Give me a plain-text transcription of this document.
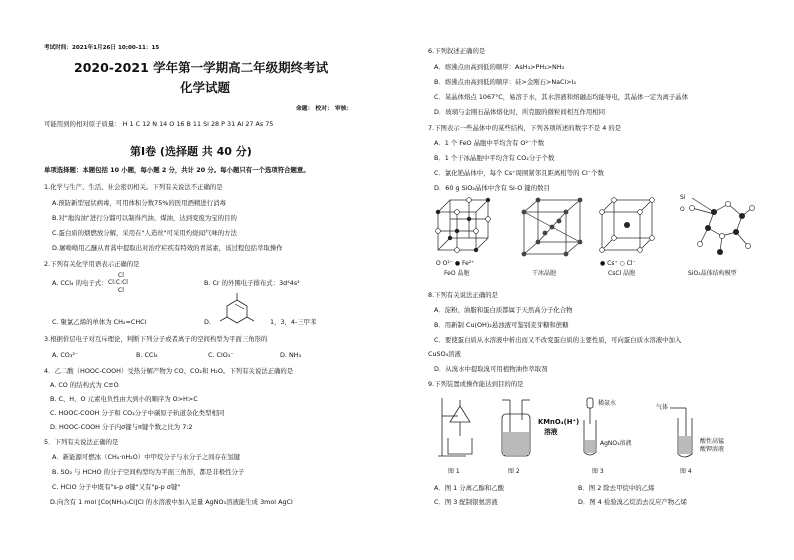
考试时间：2021年1月26日 10:00-11：15
2020-2021 学年第一学期高二年级期终考试
化学试题
命题： 校对： 审核：
可能用到的相对原子质量： H 1 C 12 N 14 O 16 B 11 Si 28 P 31 Al 27 As 75
第Ⅰ卷 (选择题 共 40 分)
单项选择题：本题包括 10 小题，每小题 2 分，共计 20 分。每小题只有一个选项符合题意。
1.化学与生产、生活、社会密切相关。下列有关说法不正确的是
A.预防新型冠状病毒，可用体积分数75%的医用酒精进行消毒
B.对"地沟油"进行分馏可以制得汽油、煤油，达到变废为宝的目的
C.蛋白质的烟燃放分解，采用在"人造丝"可采用灼烧闻气味的方法
D.屠呦呦用乙醚从青蒿中提取出对治疗疟疾有特效的青蒿素，该过程包括萃取操作
2.下列有关化学用语表示正确的是
A. CCl₄ 的电子式：
Cl
Cl:C:Cl
Cl
B. Cr 的外围电子排布式：3d⁴4s²
C. 聚氯乙烯的单体为 CH₂=CHCl	D.	1，3，4-三甲苯
3.根据价层电子对互斥理论，判断下列分子或者离子的空间构型为平面三角形的
A. CO₃²⁻	B. CCl₄	C. ClO₃⁻	D. NH₃
4．乙二酸（HOOC-COOH）受热分解产物为 CO、CO₂和 H₂O。下列有关说法正确的是
A. CO 的结构式为 C≡O
B. C、H、O 元素电负性由大到小的顺序为 O>H>C
C. HOOC-COOH 分子和 CO₂分子中碳原子轨道杂化类型相同
D. HOOC-COOH 分子内σ键与π键个数之比为 7:2
5．下列有关说法正确的是
A．新能源可燃冰（CH₄·nH₂O）中甲烷分子与水分子之间存在氢键
B. SO₂ 与 HCHO 的分子空间构型均为平面三角形，都是非极性分子
C. HClO 分子中既有"s-p σ键"又有"p-p σ键"
D.向含有 1 mol [Co(NH₃)₅Cl]Cl 的水溶液中加入足量 AgNO₃溶液能生成 3mol AgCl
6.下列叙述正确的是
A．熔沸点由高到低的顺序：AsH₃>PH₃>NH₃
B．熔沸点由高到低的顺序：硅>金刚石>NaCl>I₂
C．某晶体熔点 1067°C，易溶于水，其水溶液和熔融态均能导电，其晶体一定为离子晶体
D．玻璃与金刚石晶体熔化时，所克服的微粒间相互作用相同
7.下图表示一些晶体中的某些结构，下列各项所述的数字不是 4 的是
A．1 个 FeO 晶胞中平均含有 O²⁻个数
B．1 个干冰晶胞中平均含有 CO₂分子个数
C．氯化铯晶体中，每个 Cs⁺周围紧邻且距离相等的 Cl⁻个数
D．60 g SiO₂晶体中含有 Si-O 键的数目
O O²⁻ ● Fe²⁺
FeO 晶胞	干冰晶胞
● Cs⁺ ○ Cl⁻
CsCl 晶胞
Si
O
SiO₂晶体结构模型
8.下列有关说法正确的是
A．淀粉、油脂和蛋白质都属于天然高分子化合物
B．用新制 Cu(OH)₂悬浊液可鉴别麦芽糖和蔗糖
C．要使蛋白质从水溶液中析出而又不改变蛋白质的主要性质，可向蛋白质水溶液中加入
CuSO₄溶液
D．从溴水中提取溴可用植物油作萃取剂
9.下列装置或操作能达到目的的是
KMnO₄(H⁺)
溶液
稀氨水
AgNO₃溶液
气体
酸性高锰
酸钾溶液
图 1	图 2	图 3	图 4
A．图 1 分离乙醇和乙酸	B．图 2 除去甲烷中的乙烯
C．图 3 配制银氨溶液	D．图 4 检验溴乙烷消去反应产物乙烯
